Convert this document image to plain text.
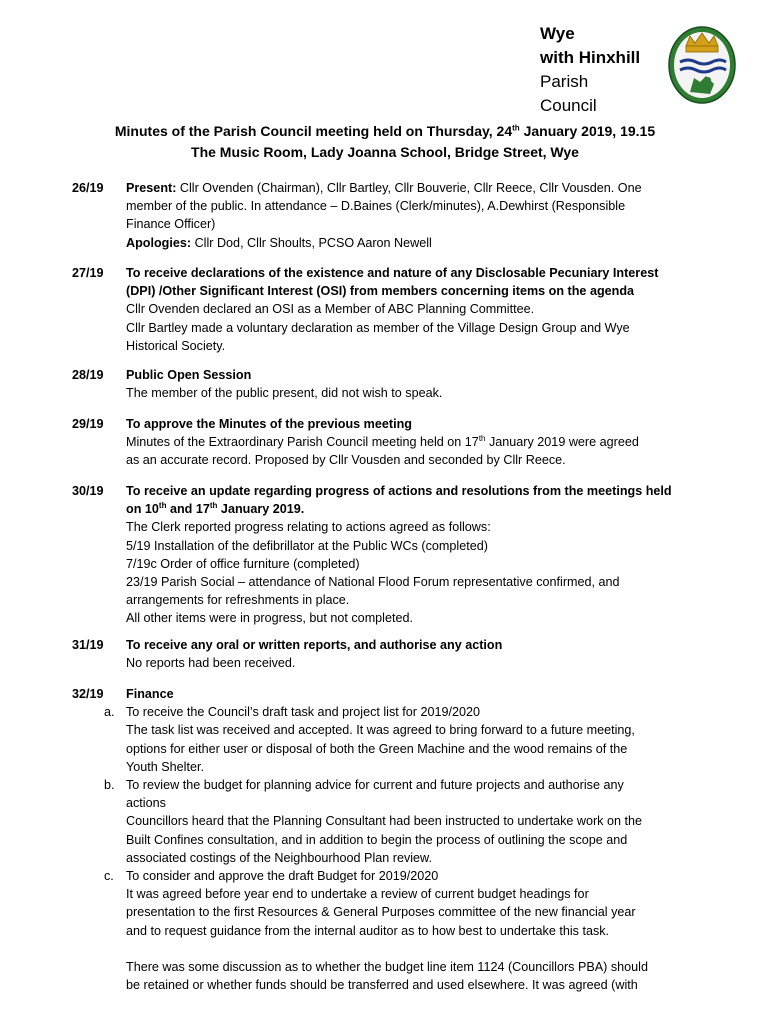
Wye
with Hinxhill
Parish
Council
Minutes of the Parish Council meeting held on Thursday, 24th January 2019, 19.15
The Music Room, Lady Joanna School, Bridge Street, Wye
26/19 Present: Cllr Ovenden (Chairman), Cllr Bartley, Cllr Bouverie, Cllr Reece, Cllr Vousden. One
member of the public. In attendance – D.Baines (Clerk/minutes), A.Dewhirst (Responsible
Finance Officer)
Apologies: Cllr Dod, Cllr Shoults, PCSO Aaron Newell
27/19 To receive declarations of the existence and nature of any Disclosable Pecuniary Interest
(DPI) /Other Significant Interest (OSI) from members concerning items on the agenda
Cllr Ovenden declared an OSI as a Member of ABC Planning Committee.
Cllr Bartley made a voluntary declaration as member of the Village Design Group and Wye
Historical Society.
28/19 Public Open Session
The member of the public present, did not wish to speak.
29/19 To approve the Minutes of the previous meeting
Minutes of the Extraordinary Parish Council meeting held on 17th January 2019 were agreed
as an accurate record. Proposed by Cllr Vousden and seconded by Cllr Reece.
30/19 To receive an update regarding progress of actions and resolutions from the meetings held
on 10th and 17th January 2019.
The Clerk reported progress relating to actions agreed as follows:
5/19 Installation of the defibrillator at the Public WCs (completed)
7/19c Order of office furniture (completed)
23/19 Parish Social – attendance of National Flood Forum representative confirmed, and
arrangements for refreshments in place.
All other items were in progress, but not completed.
31/19 To receive any oral or written reports, and authorise any action
No reports had been received.
32/19 Finance
a. To receive the Council’s draft task and project list for 2019/2020
The task list was received and accepted. It was agreed to bring forward to a future meeting,
options for either user or disposal of both the Green Machine and the wood remains of the
Youth Shelter.
b. To review the budget for planning advice for current and future projects and authorise any
actions
Councillors heard that the Planning Consultant had been instructed to undertake work on the
Built Confines consultation, and in addition to begin the process of outlining the scope and
associated costings of the Neighbourhood Plan review.
c. To consider and approve the draft Budget for 2019/2020
It was agreed before year end to undertake a review of current budget headings for
presentation to the first Resources & General Purposes committee of the new financial year
and to request guidance from the internal auditor as to how best to undertake this task.
There was some discussion as to whether the budget line item 1124 (Councillors PBA) should
be retained or whether funds should be transferred and used elsewhere. It was agreed (with
